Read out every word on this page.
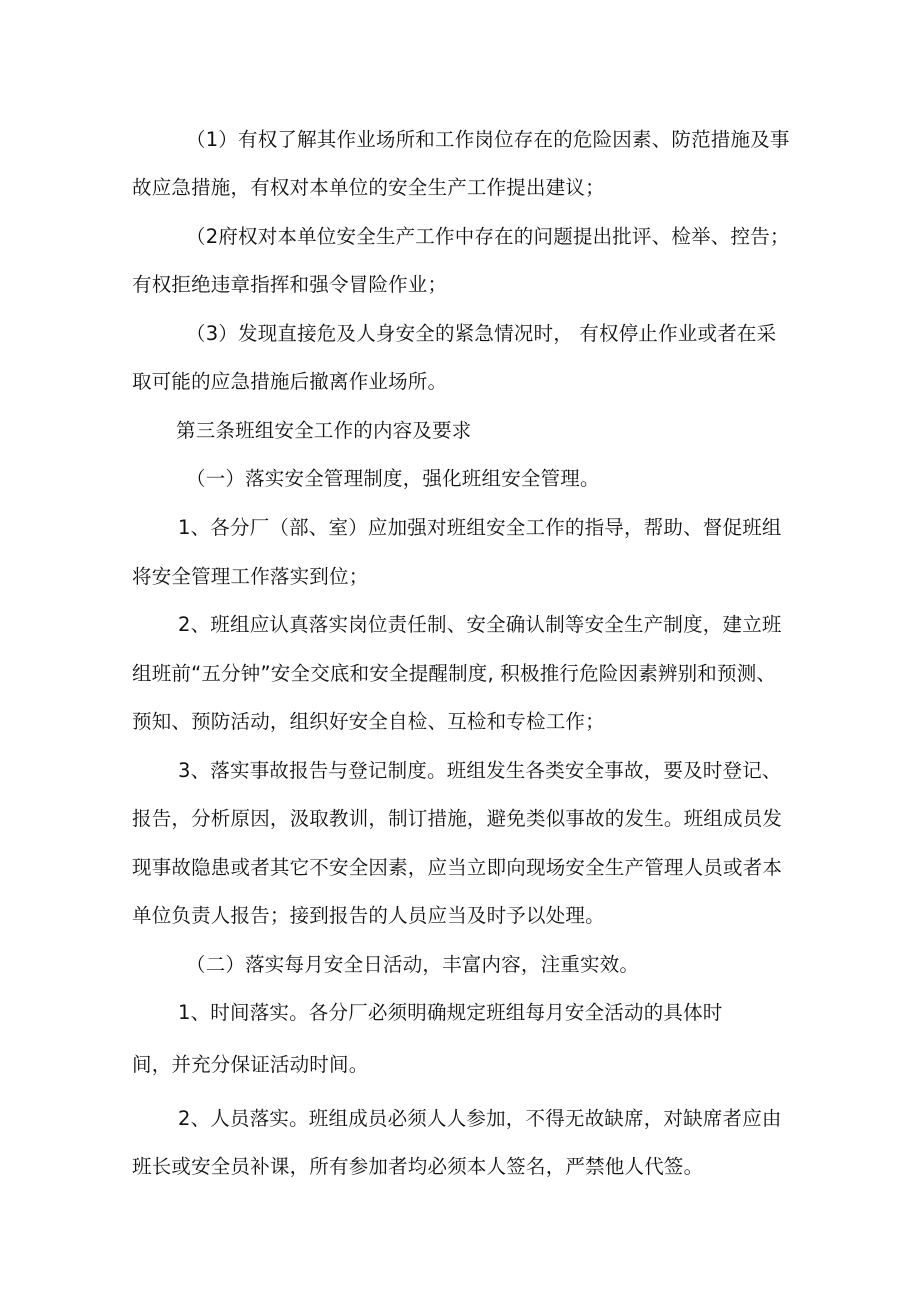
（1）有权了解其作业场所和工作岗位存在的危险因素、防范措施及事
故应急措施，有权对本单位的安全生产工作提出建议；
（2府权对本单位安全生产工作中存在的问题提出批评、检举、控告；
有权拒绝违章指挥和强令冒险作业；
（3）发现直接危及人身安全的紧急情况时， 有权停止作业或者在采
取可能的应急措施后撤离作业场所。
第三条班组安全工作的内容及要求
（一）落实安全管理制度，强化班组安全管理。
1、各分厂（部、室）应加强对班组安全工作的指导，帮助、督促班组
将安全管理工作落实到位；
2、班组应认真落实岗位责任制、安全确认制等安全生产制度，建立班
组班前“五分钟”安全交底和安全提醒制度, 积极推行危险因素辨别和预测、
预知、预防活动，组织好安全自检、互检和专检工作；
3、落实事故报告与登记制度。班组发生各类安全事故，要及时登记、
报告，分析原因，汲取教训，制订措施，避免类似事故的发生。班组成员发
现事故隐患或者其它不安全因素，应当立即向现场安全生产管理人员或者本
单位负责人报告；接到报告的人员应当及时予以处理。
（二）落实每月安全日活动，丰富内容，注重实效。
1、时间落实。各分厂必须明确规定班组每月安全活动的具体时
间，并充分保证活动时间。
2、人员落实。班组成员必须人人参加，不得无故缺席，对缺席者应由
班长或安全员补课，所有参加者均必须本人签名，严禁他人代签。
